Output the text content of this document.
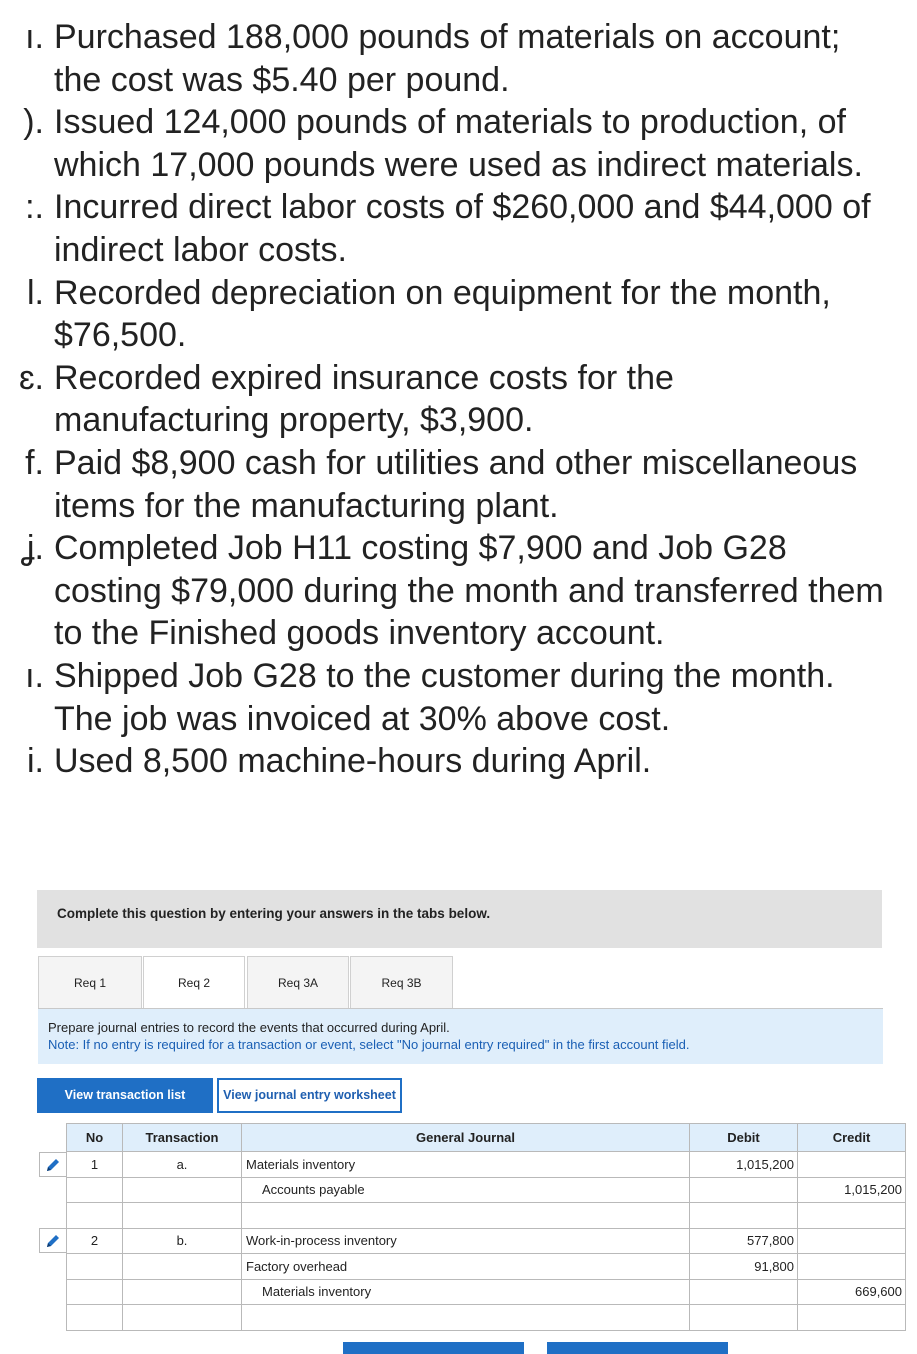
ı. Purchased 188,000 pounds of materials on account; the cost was $5.40 per pound.
). Issued 124,000 pounds of materials to production, of which 17,000 pounds were used as indirect materials.
:. Incurred direct labor costs of $260,000 and $44,000 of indirect labor costs.
l. Recorded depreciation on equipment for the month, $76,500.
ɛ. Recorded expired insurance costs for the manufacturing property, $3,900.
f. Paid $8,900 cash for utilities and other miscellaneous items for the manufacturing plant.
ʝ. Completed Job H11 costing $7,900 and Job G28 costing $79,000 during the month and transferred them to the Finished goods inventory account.
ı. Shipped Job G28 to the customer during the month. The job was invoiced at 30% above cost.
i. Used 8,500 machine-hours during April.
Complete this question by entering your answers in the tabs below.
Req 1	Req 2	Req 3A	Req 3B
Prepare journal entries to record the events that occurred during April.
Note: If no entry is required for a transaction or event, select "No journal entry required" in the first account field.
View transaction list	View journal entry worksheet
No	Transaction	General Journal	Debit	Credit
1	a.	Materials inventory	1,015,200	
		Accounts payable		1,015,200

2	b.	Work-in-process inventory	577,800	
		Factory overhead	91,800	
		Materials inventory		669,600
